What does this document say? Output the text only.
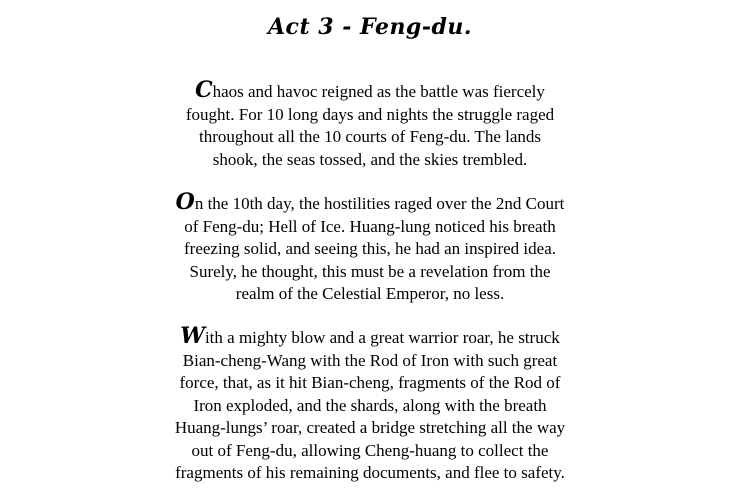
Act 3 - Feng-du.
Chaos and havoc reigned as the battle was fiercely
fought. For 10 long days and nights the struggle raged
throughout all the 10 courts of Feng-du. The lands
shook, the seas tossed, and the skies trembled.
On the 10th day, the hostilities raged over the 2nd Court
of Feng-du; Hell of Ice. Huang-lung noticed his breath
freezing solid, and seeing this, he had an inspired idea.
Surely, he thought, this must be a revelation from the
realm of the Celestial Emperor, no less.
With a mighty blow and a great warrior roar, he struck
Bian-cheng-Wang with the Rod of Iron with such great
force, that, as it hit Bian-cheng, fragments of the Rod of
Iron exploded, and the shards, along with the breath
Huang-lungs’ roar, created a bridge stretching all the way
out of Feng-du, allowing Cheng-huang to collect the
fragments of his remaining documents, and flee to safety.
